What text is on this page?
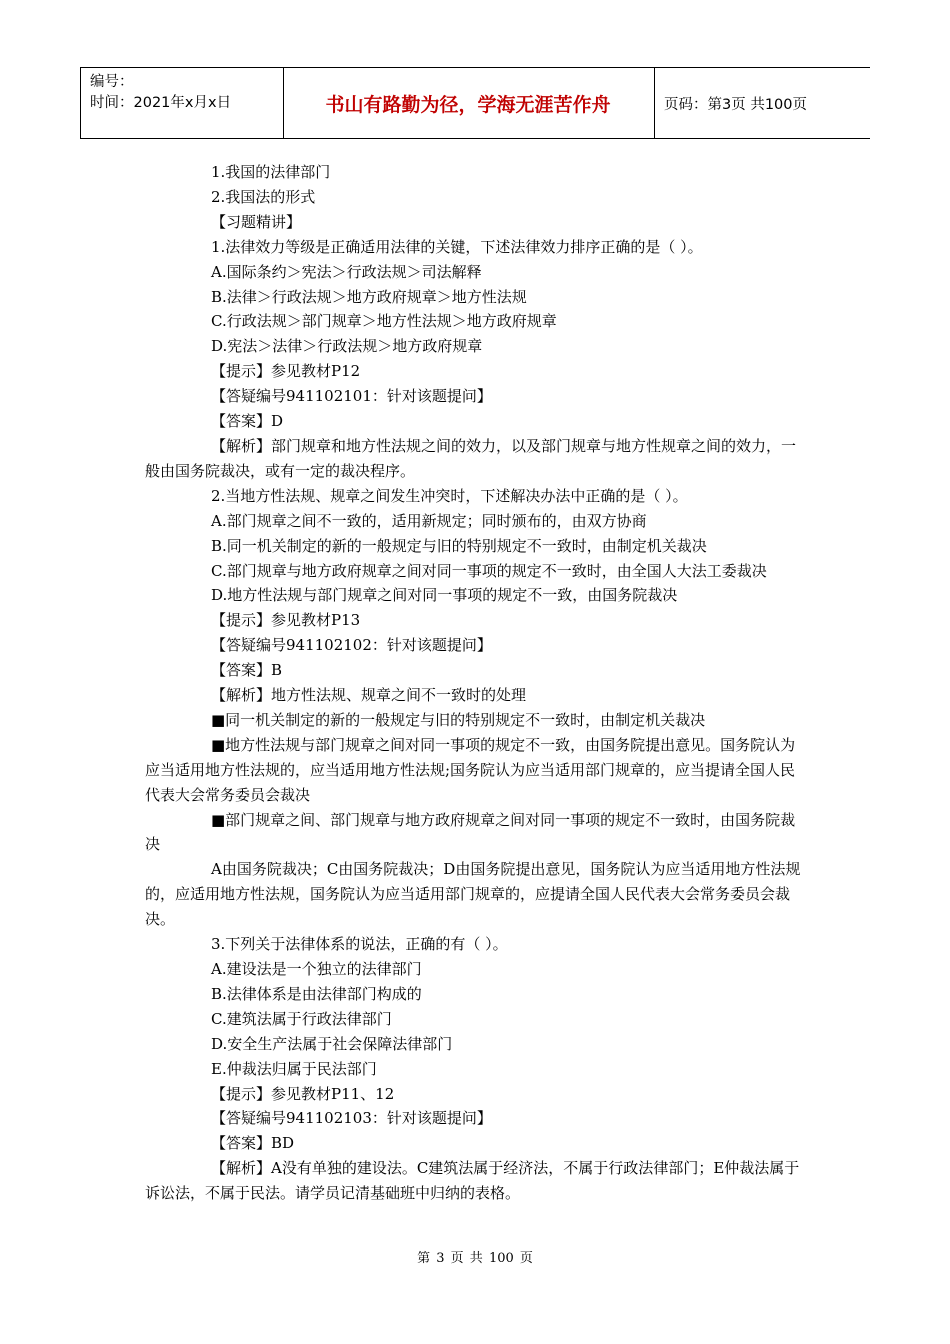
编号：
时间：2021年x月x日	书山有路勤为径，学海无涯苦作舟	页码：第3页 共100页
1.我国的法律部门
2.我国法的形式
【习题精讲】
1.法律效力等级是正确适用法律的关键，下述法律效力排序正确的是（ ）。
A.国际条约＞宪法＞行政法规＞司法解释
B.法律＞行政法规＞地方政府规章＞地方性法规
C.行政法规＞部门规章＞地方性法规＞地方政府规章
D.宪法＞法律＞行政法规＞地方政府规章
【提示】参见教材P12
【答疑编号941102101：针对该题提问】
【答案】D
【解析】部门规章和地方性法规之间的效力，以及部门规章与地方性规章之间的效力，一般由国务院裁决，或有一定的裁决程序。
2.当地方性法规、规章之间发生冲突时，下述解决办法中正确的是（ ）。
A.部门规章之间不一致的，适用新规定；同时颁布的，由双方协商
B.同一机关制定的新的一般规定与旧的特别规定不一致时，由制定机关裁决
C.部门规章与地方政府规章之间对同一事项的规定不一致时，由全国人大法工委裁决
D.地方性法规与部门规章之间对同一事项的规定不一致，由国务院裁决
【提示】参见教材P13
【答疑编号941102102：针对该题提问】
【答案】B
【解析】地方性法规、规章之间不一致时的处理
■同一机关制定的新的一般规定与旧的特别规定不一致时，由制定机关裁决
■地方性法规与部门规章之间对同一事项的规定不一致，由国务院提出意见。国务院认为应当适用地方性法规的，应当适用地方性法规;国务院认为应当适用部门规章的，应当提请全国人民代表大会常务委员会裁决
■部门规章之间、部门规章与地方政府规章之间对同一事项的规定不一致时，由国务院裁决
A由国务院裁决；C由国务院裁决；D由国务院提出意见，国务院认为应当适用地方性法规的，应适用地方性法规，国务院认为应当适用部门规章的，应提请全国人民代表大会常务委员会裁决。
3.下列关于法律体系的说法，正确的有（ ）。
A.建设法是一个独立的法律部门
B.法律体系是由法律部门构成的
C.建筑法属于行政法律部门
D.安全生产法属于社会保障法律部门
E.仲裁法归属于民法部门
【提示】参见教材P11、12
【答疑编号941102103：针对该题提问】
【答案】BD
【解析】A没有单独的建设法。C建筑法属于经济法，不属于行政法律部门；E仲裁法属于诉讼法，不属于民法。请学员记清基础班中归纳的表格。
第 3 页 共 100 页
